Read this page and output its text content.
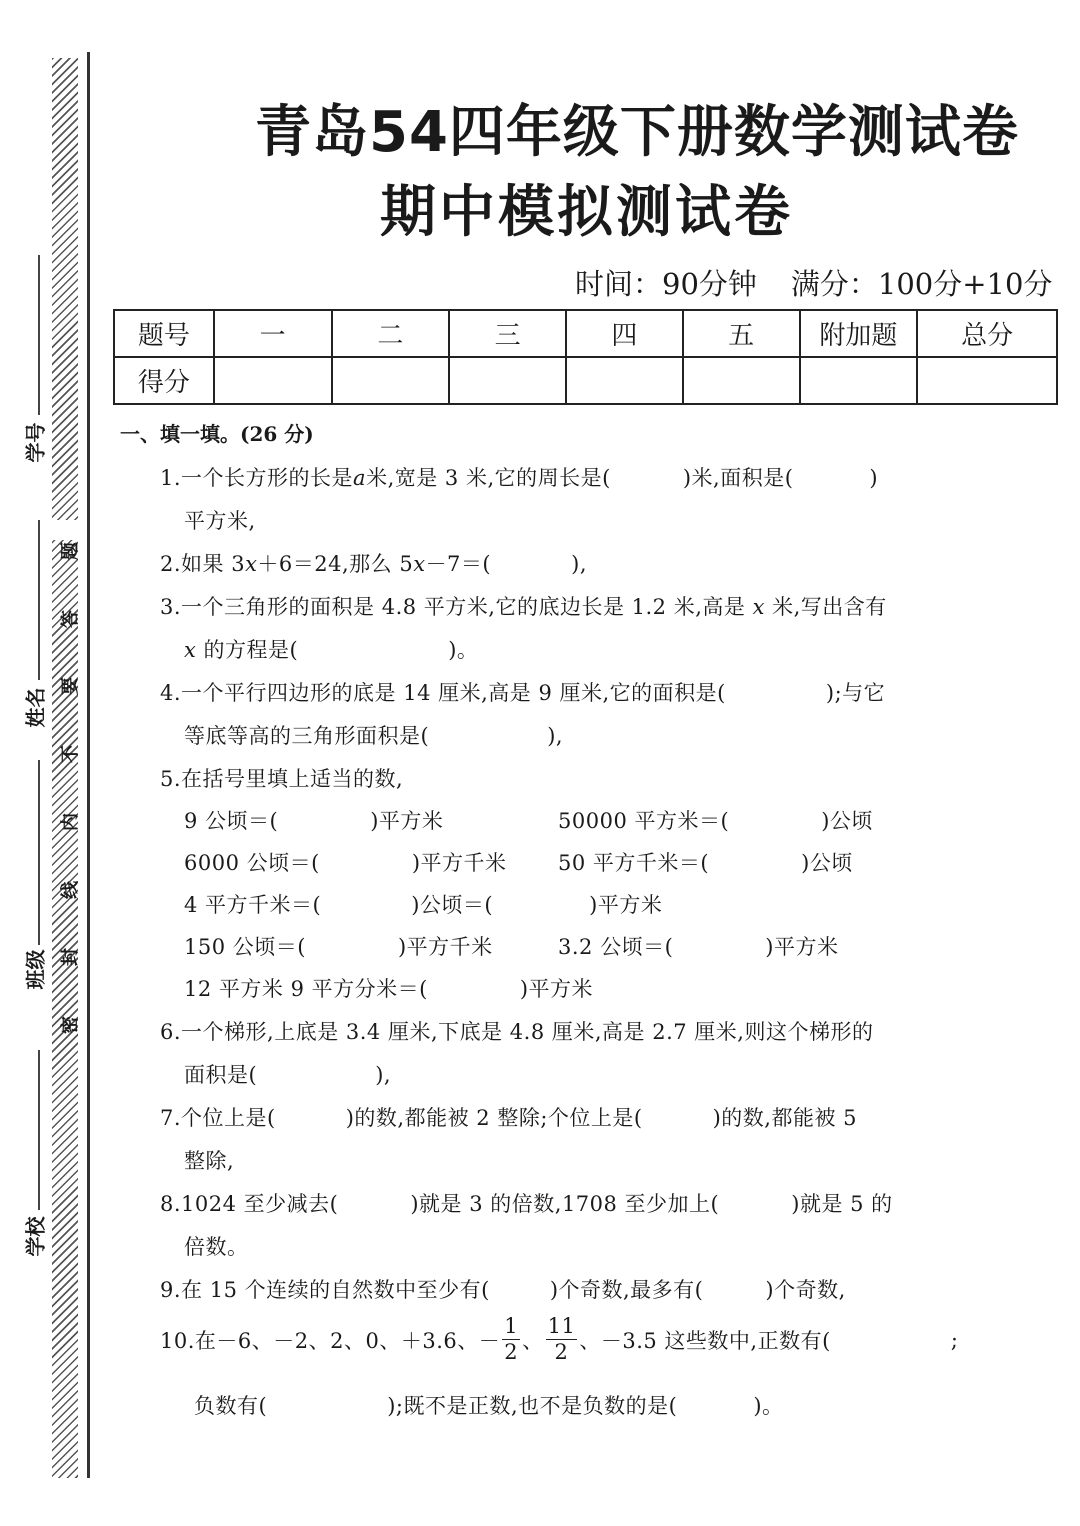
题
答
要
不
内
线
封
密
学号
姓名
班级
学校
青岛54四年级下册数学测试卷
期中模拟测试卷
时间：90分钟 满分：100分+10分
题号	一	二	三	四	五	附加题	总分
得分							
一、填一填。(26 分)
1.一个长方形的长是a米,宽是 3 米,它的周长是(	)米,面积是(	)
平方米,
2.如果 3x＋6＝24,那么 5x－7＝(	),
3.一个三角形的面积是 4.8 平方米,它的底边长是 1.2 米,高是 x 米,写出含有
x 的方程是(	)。
4.一个平行四边形的底是 14 厘米,高是 9 厘米,它的面积是(	);与它
等底等高的三角形面积是(	),
5.在括号里填上适当的数,
9 公顷＝(	)平方米	50000 平方米＝(	)公顷
6000 公顷＝(	)平方千米 50 平方千米＝(	)公顷
4 平方千米＝(	)公顷＝(	)平方米
150 公顷＝(	)平方千米	3.2 公顷＝(	)平方米
12 平方米 9 平方分米＝(	)平方米
6.一个梯形,上底是 3.4 厘米,下底是 4.8 厘米,高是 2.7 厘米,则这个梯形的
面积是(	),
7.个位上是(	)的数,都能被 2 整除;个位上是(	)的数,都能被 5
整除,
8.1024 至少减去(	)就是 3 的倍数,1708 至少加上(	)就是 5 的
倍数。
9.在 15 个连续的自然数中至少有(	)个奇数,最多有(	)个奇数,
10.在－6、－2、2、0、＋3.6、－ $\frac{1}{2}$ 、 $\frac{11}{2}$ 、－3.5 这些数中,正数有(	;
负数有(	);既不是正数,也不是负数的是(	)。
